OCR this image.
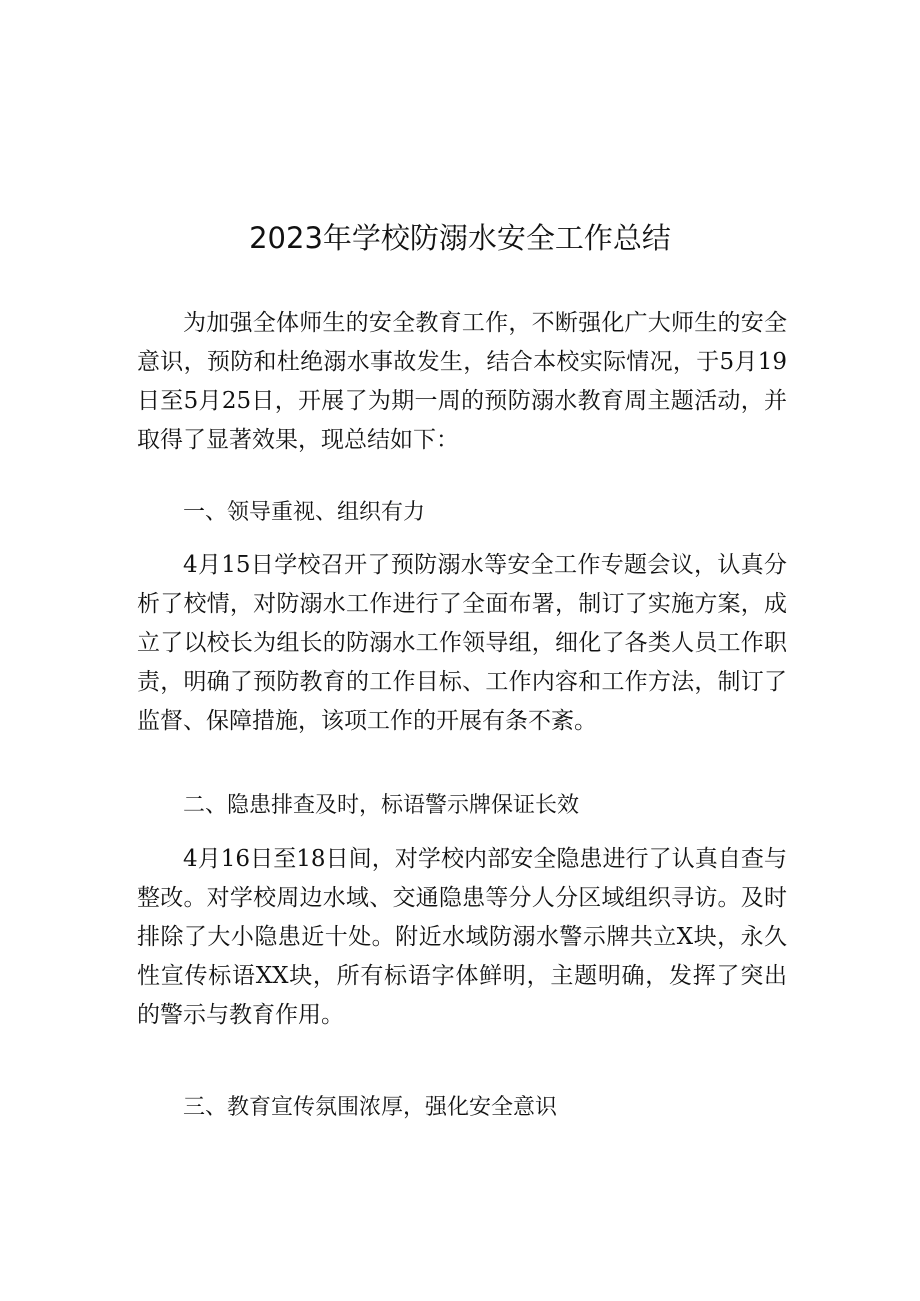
2023年学校防溺水安全工作总结

为加强全体师生的安全教育工作，不断强化广大师生的安全意识，预防和杜绝溺水事故发生，结合本校实际情况，于5月19日至5月25日，开展了为期一周的预防溺水教育周主题活动，并取得了显著效果，现总结如下：

一、领导重视、组织有力

4月15日学校召开了预防溺水等安全工作专题会议，认真分析了校情，对防溺水工作进行了全面布署，制订了实施方案，成立了以校长为组长的防溺水工作领导组，细化了各类人员工作职责，明确了预防教育的工作目标、工作内容和工作方法，制订了监督、保障措施，该项工作的开展有条不紊。

二、隐患排查及时，标语警示牌保证长效

4月16日至18日间，对学校内部安全隐患进行了认真自查与整改。对学校周边水域、交通隐患等分人分区域组织寻访。及时排除了大小隐患近十处。附近水域防溺水警示牌共立X块，永久性宣传标语XX块，所有标语字体鲜明，主题明确，发挥了突出的警示与教育作用。

三、教育宣传氛围浓厚，强化安全意识
